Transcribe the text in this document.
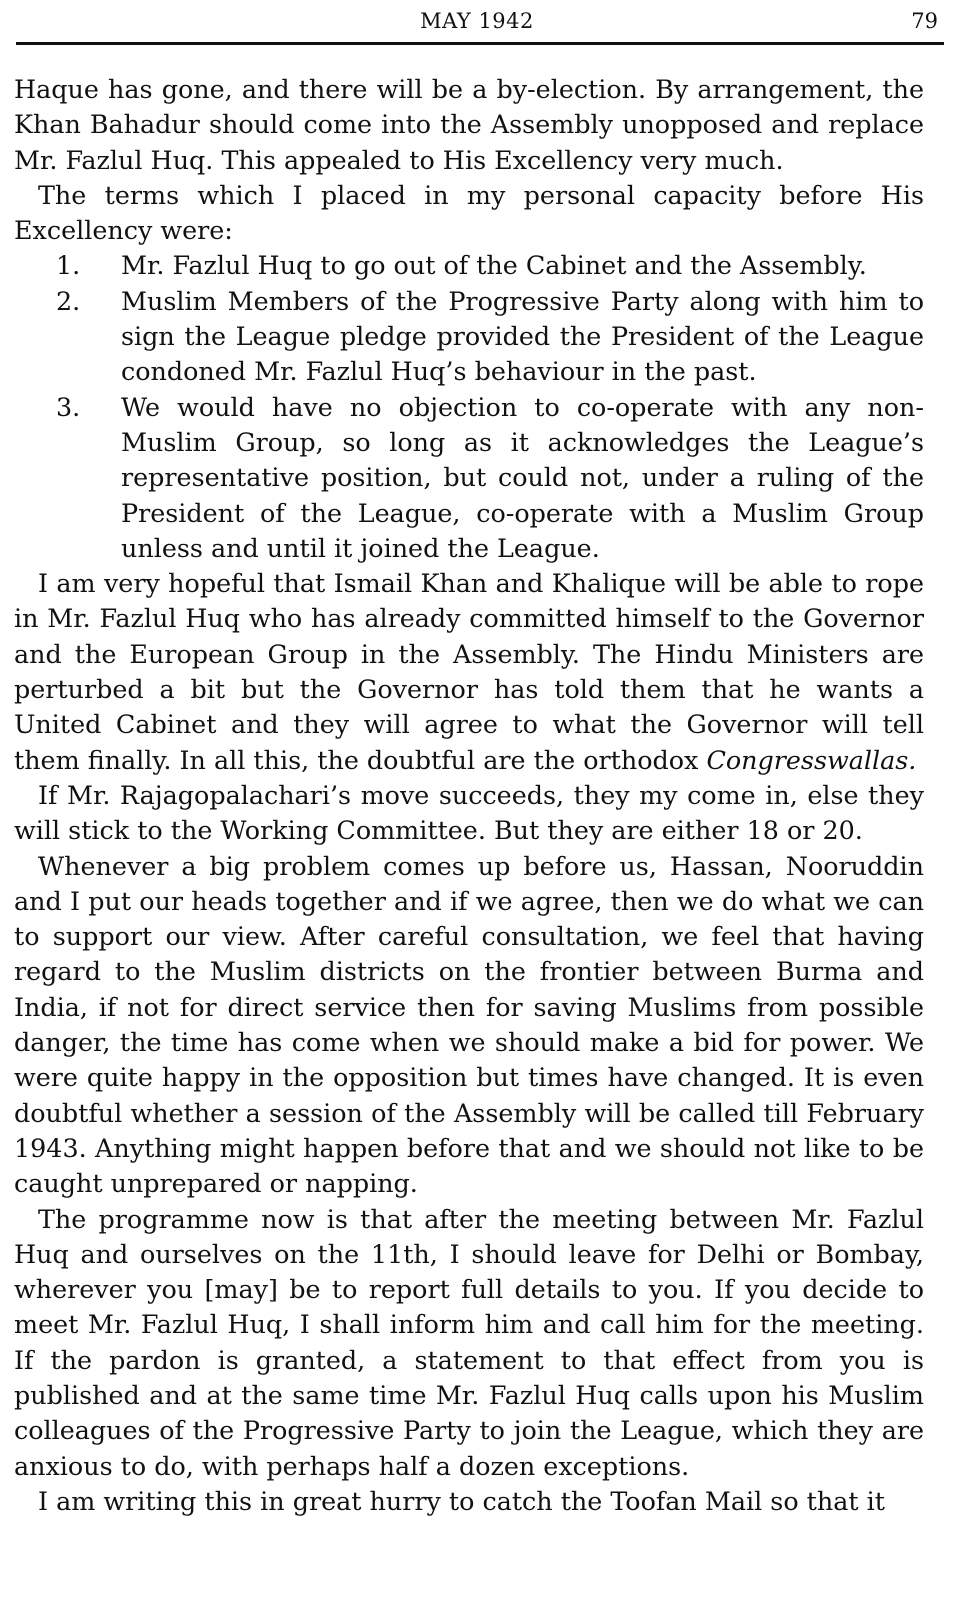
MAY 1942	79

Haque has gone, and there will be a by-election. By arrangement, the Khan Bahadur should come into the Assembly unopposed and replace Mr. Fazlul Huq. This appealed to His Excellency very much.

The terms which I placed in my personal capacity before His Excellency were:

1. Mr. Fazlul Huq to go out of the Cabinet and the Assembly.
2. Muslim Members of the Progressive Party along with him to sign the League pledge provided the President of the League condoned Mr. Fazlul Huq’s behaviour in the past.
3. We would have no objection to co-operate with any non-Muslim Group, so long as it acknowledges the League’s representative position, but could not, under a ruling of the President of the League, co-operate with a Muslim Group unless and until it joined the League.

I am very hopeful that Ismail Khan and Khalique will be able to rope in Mr. Fazlul Huq who has already committed himself to the Governor and the European Group in the Assembly. The Hindu Ministers are perturbed a bit but the Governor has told them that he wants a United Cabinet and they will agree to what the Governor will tell them finally. In all this, the doubtful are the orthodox Congresswallas.

If Mr. Rajagopalachari’s move succeeds, they my come in, else they will stick to the Working Committee. But they are either 18 or 20.

Whenever a big problem comes up before us, Hassan, Nooruddin and I put our heads together and if we agree, then we do what we can to support our view. After careful consultation, we feel that having regard to the Muslim districts on the frontier between Burma and India, if not for direct service then for saving Muslims from possible danger, the time has come when we should make a bid for power. We were quite happy in the opposition but times have changed. It is even doubtful whether a session of the Assembly will be called till February 1943. Anything might happen before that and we should not like to be caught unprepared or napping.

The programme now is that after the meeting between Mr. Fazlul Huq and ourselves on the 11th, I should leave for Delhi or Bombay, wherever you [may] be to report full details to you. If you decide to meet Mr. Fazlul Huq, I shall inform him and call him for the meeting. If the pardon is granted, a statement to that effect from you is published and at the same time Mr. Fazlul Huq calls upon his Muslim colleagues of the Progressive Party to join the League, which they are anxious to do, with perhaps half a dozen exceptions.

I am writing this in great hurry to catch the Toofan Mail so that it
